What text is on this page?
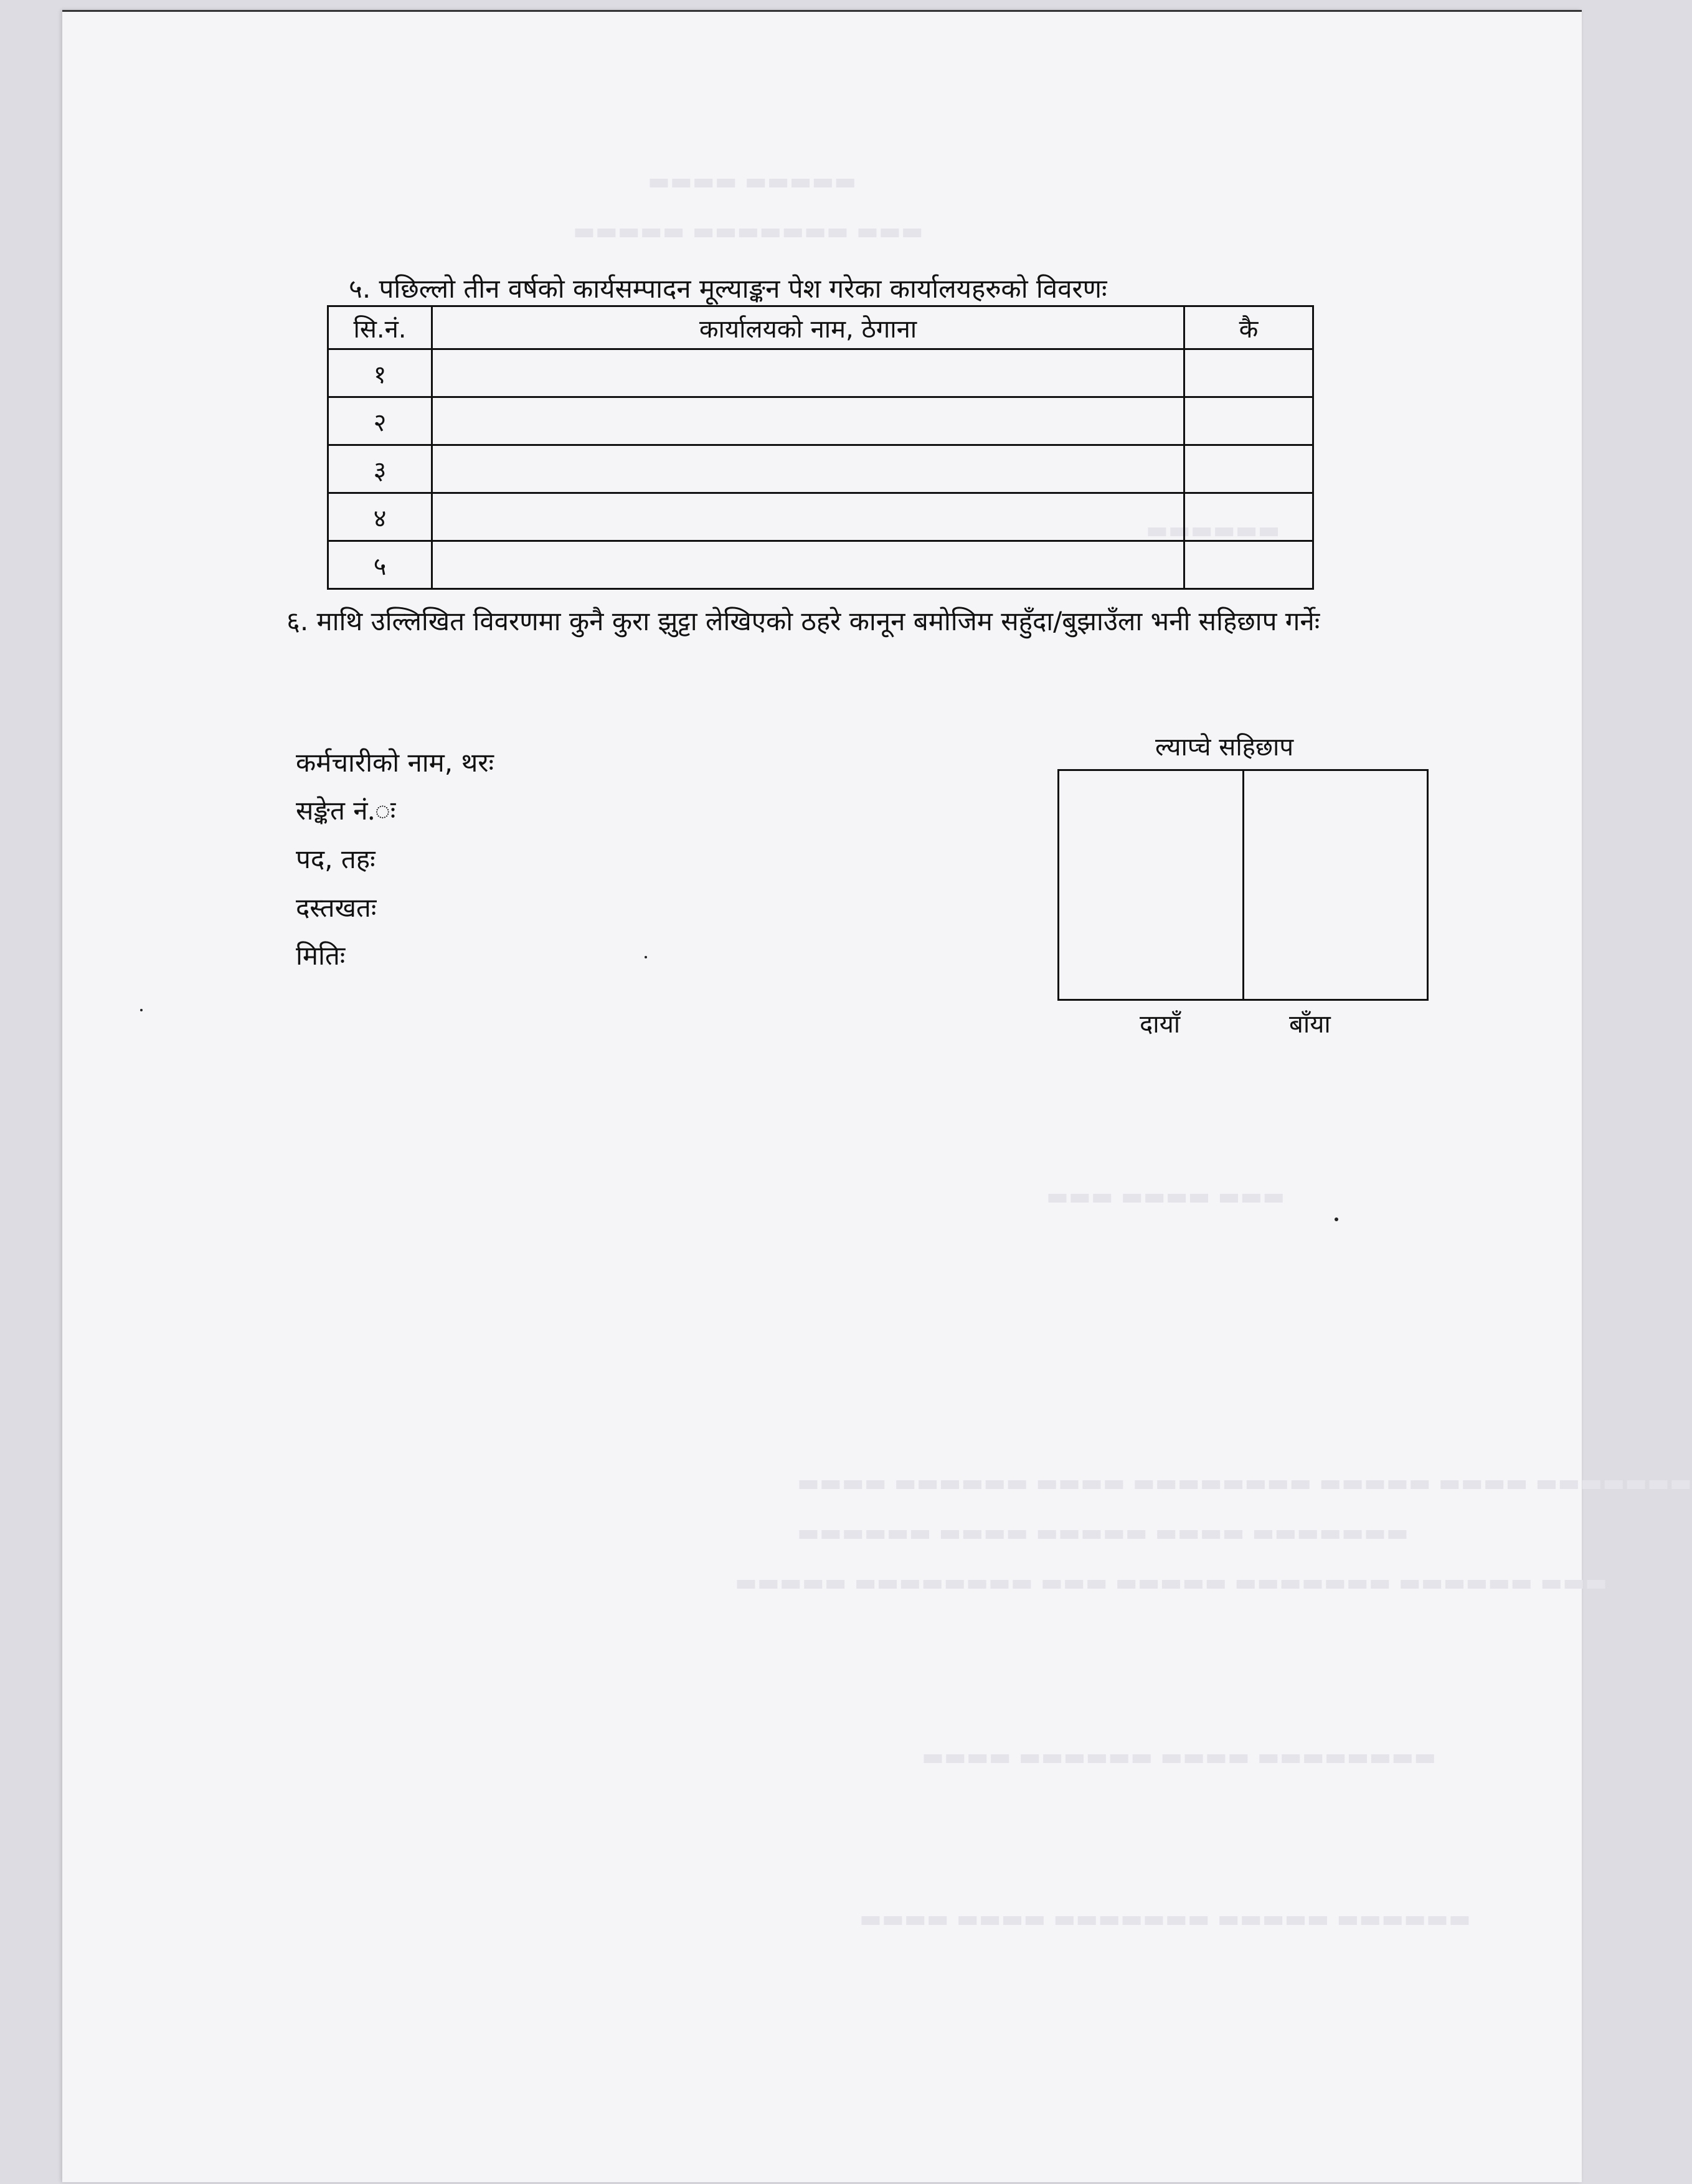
▬▬▬▬ ▬▬▬▬▬
▬▬▬▬▬ ▬▬▬▬▬▬▬ ▬▬▬
▬▬▬▬▬▬
▬▬▬ ▬▬▬▬ ▬▬▬
▬▬▬▬ ▬▬▬▬▬▬ ▬▬▬▬ ▬▬▬▬▬▬▬▬ ▬▬▬▬▬ ▬▬▬▬ ▬▬▬▬▬▬▬
▬▬▬▬▬▬ ▬▬▬▬ ▬▬▬▬▬ ▬▬▬▬ ▬▬▬▬▬▬▬
▬▬▬▬▬ ▬▬▬▬▬▬▬▬ ▬▬▬ ▬▬▬▬▬ ▬▬▬▬▬▬▬ ▬▬▬▬▬▬ ▬▬▬
▬▬▬▬ ▬▬▬▬▬▬ ▬▬▬▬ ▬▬▬▬▬▬▬▬
▬▬▬▬ ▬▬▬▬ ▬▬▬▬▬▬▬ ▬▬▬▬▬ ▬▬▬▬▬▬
५. पछिल्लो तीन वर्षको कार्यसम्पादन मूल्याङ्कन पेश गरेका कार्यालयहरुको विवरणः
सि.नं.	कार्यालयको नाम, ठेगाना	कै
१		
२		
३		
४		
५		
६. माथि उल्लिखित विवरणमा कुनै कुरा झुट्टा लेखिएको ठहरे कानून बमोजिम सहुँदा/बुझाउँला भनी सहिछाप गर्नेः
कर्मचारीको नाम, थरः
सङ्केत नं.ः
पद, तहः
दस्तखतः
मितिः
ल्याप्चे सहिछाप
दायाँ	बाँया
